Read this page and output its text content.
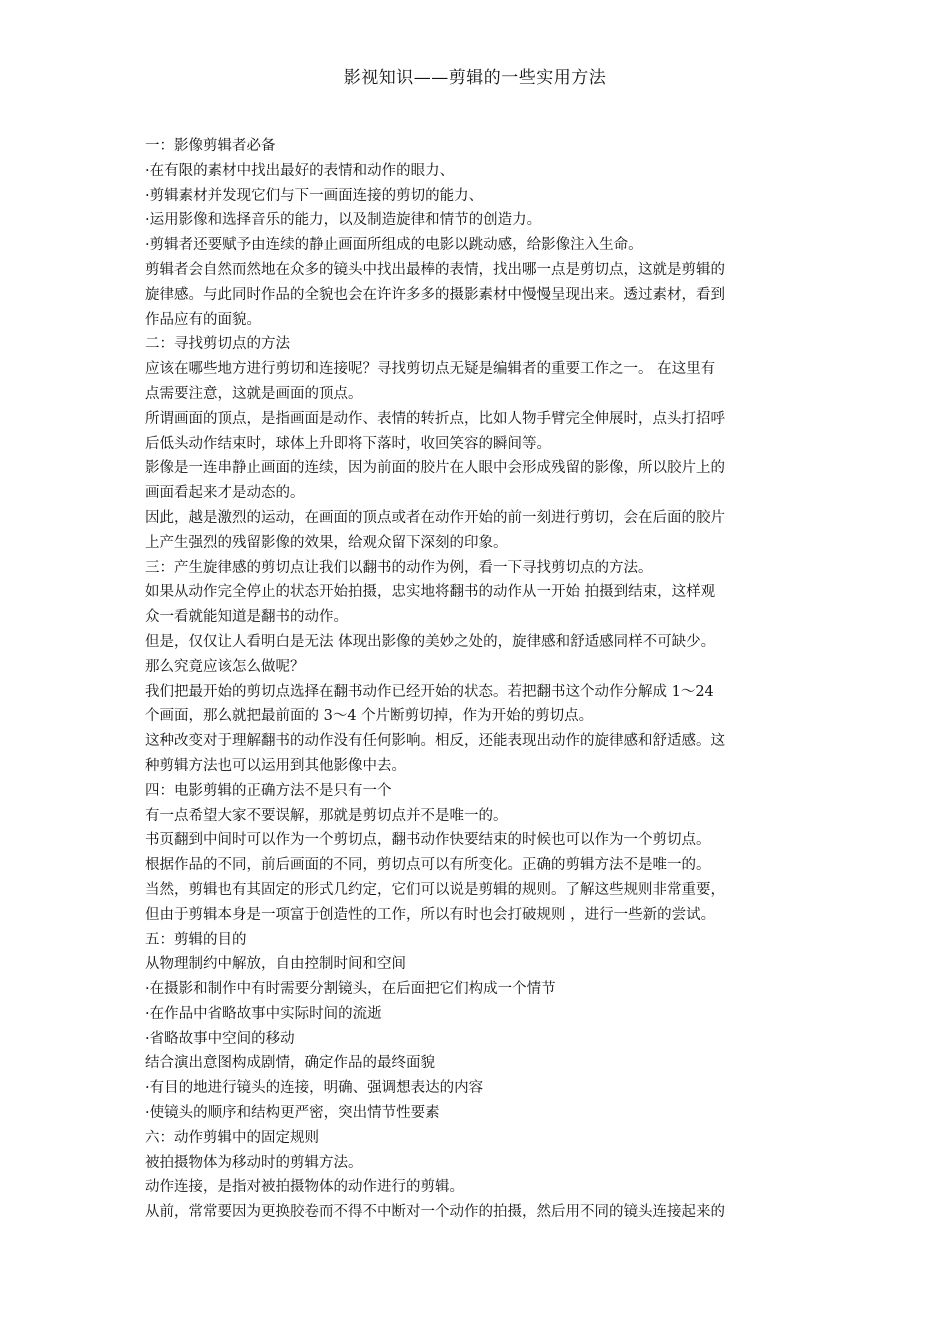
影视知识——剪辑的一些实用方法
一：影像剪辑者必备
·在有限的素材中找出最好的表情和动作的眼力、
·剪辑素材并发现它们与下一画面连接的剪切的能力、
·运用影像和选择音乐的能力，以及制造旋律和情节的创造力。
·剪辑者还要赋予由连续的静止画面所组成的电影以跳动感，给影像注入生命。
剪辑者会自然而然地在众多的镜头中找出最棒的表情，找出哪一点是剪切点，这就是剪辑的
旋律感。与此同时作品的全貌也会在许许多多的摄影素材中慢慢呈现出来。透过素材，看到
作品应有的面貌。
二：寻找剪切点的方法
应该在哪些地方进行剪切和连接呢？寻找剪切点无疑是编辑者的重要工作之一。 在这里有
点需要注意，这就是画面的顶点。
所谓画面的顶点，是指画面是动作、表情的转折点，比如人物手臂完全伸展时，点头打招呼
后低头动作结束时，球体上升即将下落时，收回笑容的瞬间等。
影像是一连串静止画面的连续，因为前面的胶片在人眼中会形成残留的影像，所以胶片上的
画面看起来才是动态的。
因此，越是激烈的运动，在画面的顶点或者在动作开始的前一刻进行剪切，会在后面的胶片
上产生强烈的残留影像的效果，给观众留下深刻的印象。
三：产生旋律感的剪切点让我们以翻书的动作为例，看一下寻找剪切点的方法。
如果从动作完全停止的状态开始拍摄，忠实地将翻书的动作从一开始 拍摄到结束，这样观
众一看就能知道是翻书的动作。
但是，仅仅让人看明白是无法 体现出影像的美妙之处的，旋律感和舒适感同样不可缺少。
那么究竟应该怎么做呢？
我们把最开始的剪切点选择在翻书动作已经开始的状态。若把翻书这个动作分解成 1～24
个画面，那么就把最前面的 3～4 个片断剪切掉，作为开始的剪切点。
这种改变对于理解翻书的动作没有任何影响。相反，还能表现出动作的旋律感和舒适感。这
种剪辑方法也可以运用到其他影像中去。
四：电影剪辑的正确方法不是只有一个
有一点希望大家不要误解，那就是剪切点并不是唯一的。
书页翻到中间时可以作为一个剪切点，翻书动作快要结束的时候也可以作为一个剪切点。
根据作品的不同，前后画面的不同，剪切点可以有所变化。正确的剪辑方法不是唯一的。
当然，剪辑也有其固定的形式几约定，它们可以说是剪辑的规则。了解这些规则非常重要，
但由于剪辑本身是一项富于创造性的工作，所以有时也会打破规则 ，进行一些新的尝试。
五：剪辑的目的
从物理制约中解放，自由控制时间和空间
·在摄影和制作中有时需要分割镜头，在后面把它们构成一个情节
·在作品中省略故事中实际时间的流逝
·省略故事中空间的移动
结合演出意图构成剧情，确定作品的最终面貌
·有目的地进行镜头的连接，明确、强调想表达的内容
·使镜头的顺序和结构更严密，突出情节性要素
六：动作剪辑中的固定规则
被拍摄物体为移动时的剪辑方法。
动作连接，是指对被拍摄物体的动作进行的剪辑。
从前，常常要因为更换胶卷而不得不中断对一个动作的拍摄，然后用不同的镜头连接起来的
